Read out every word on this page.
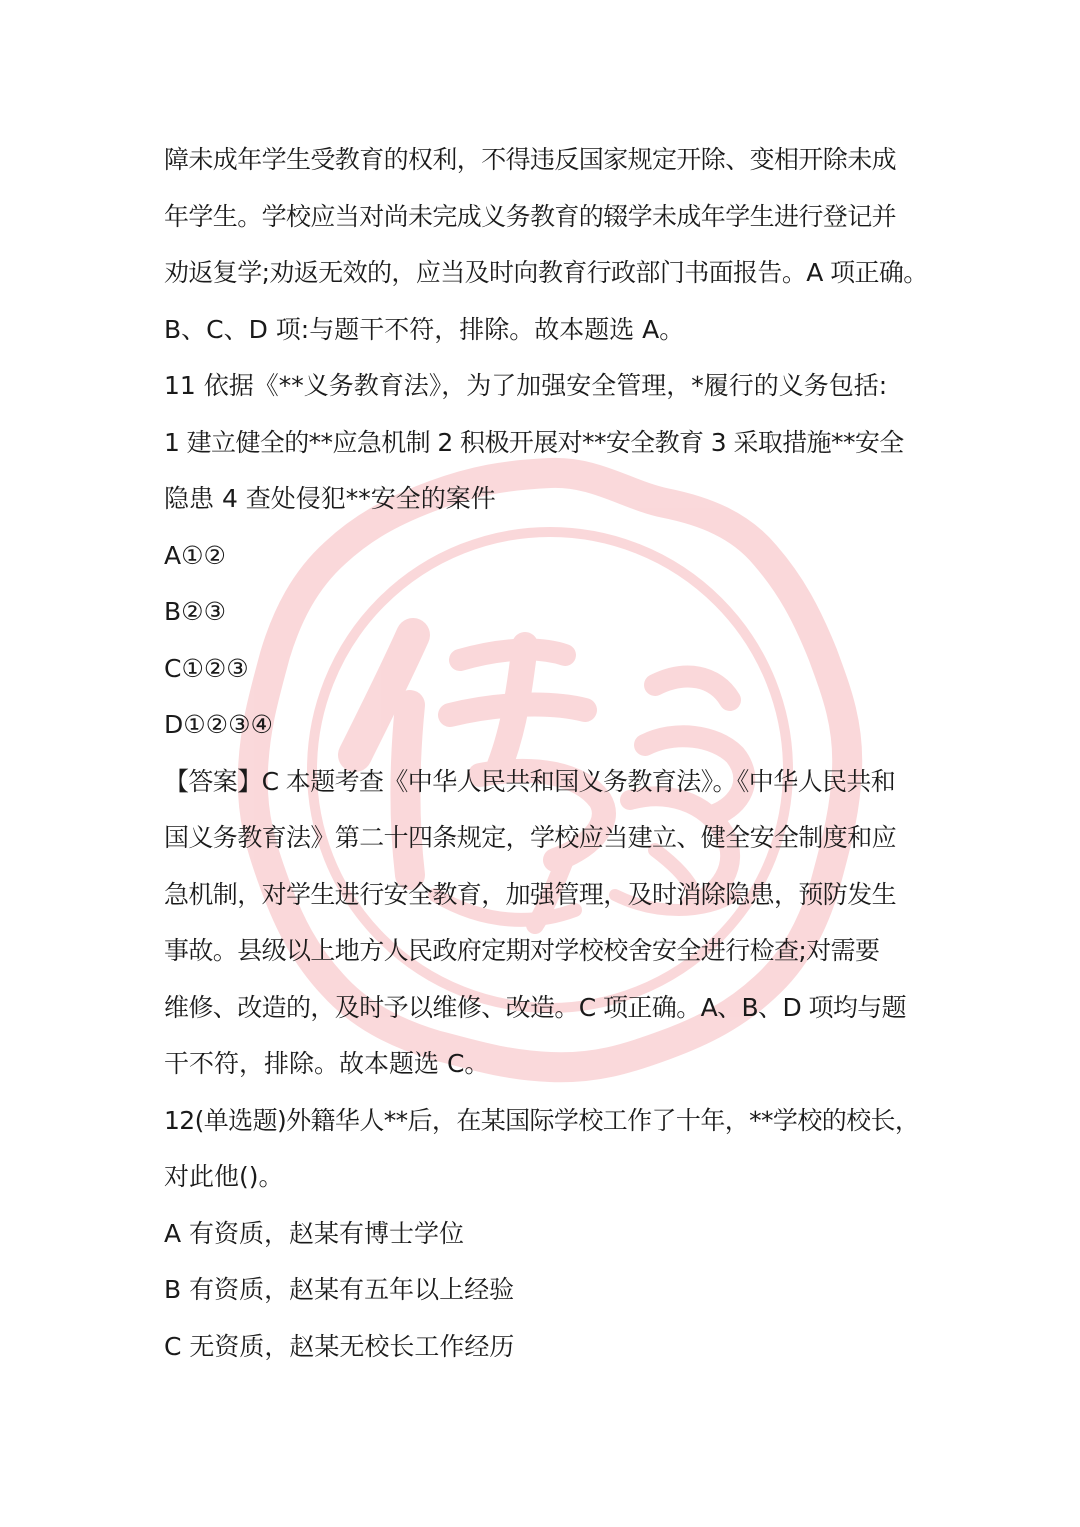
障未成年学生受教育的权利，不得违反国家规定开除、变相开除未成
年学生。学校应当对尚未完成义务教育的辍学未成年学生进行登记并
劝返复学;劝返无效的，应当及时向教育行政部门书面报告。A 项正确。
B、C、D 项:与题干不符，排除。故本题选 A。
11 依据《**义务教育法》，为了加强安全管理，*履行的义务包括:
1 建立健全的**应急机制 2 积极开展对**安全教育 3 采取措施**安全
隐患 4 查处侵犯**安全的案件
A①②
B②③
C①②③
D①②③④
【答案】C 本题考查《中华人民共和国义务教育法》。《中华人民共和
国义务教育法》第二十四条规定，学校应当建立、健全安全制度和应
急机制，对学生进行安全教育，加强管理，及时消除隐患，预防发生
事故。县级以上地方人民政府定期对学校校舍安全进行检查;对需要
维修、改造的，及时予以维修、改造。C 项正确。A、B、D 项均与题
干不符，排除。故本题选 C。
12(单选题)外籍华人**后，在某国际学校工作了十年，**学校的校长，
对此他()。
A 有资质，赵某有博士学位
B 有资质，赵某有五年以上经验
C 无资质，赵某无校长工作经历
